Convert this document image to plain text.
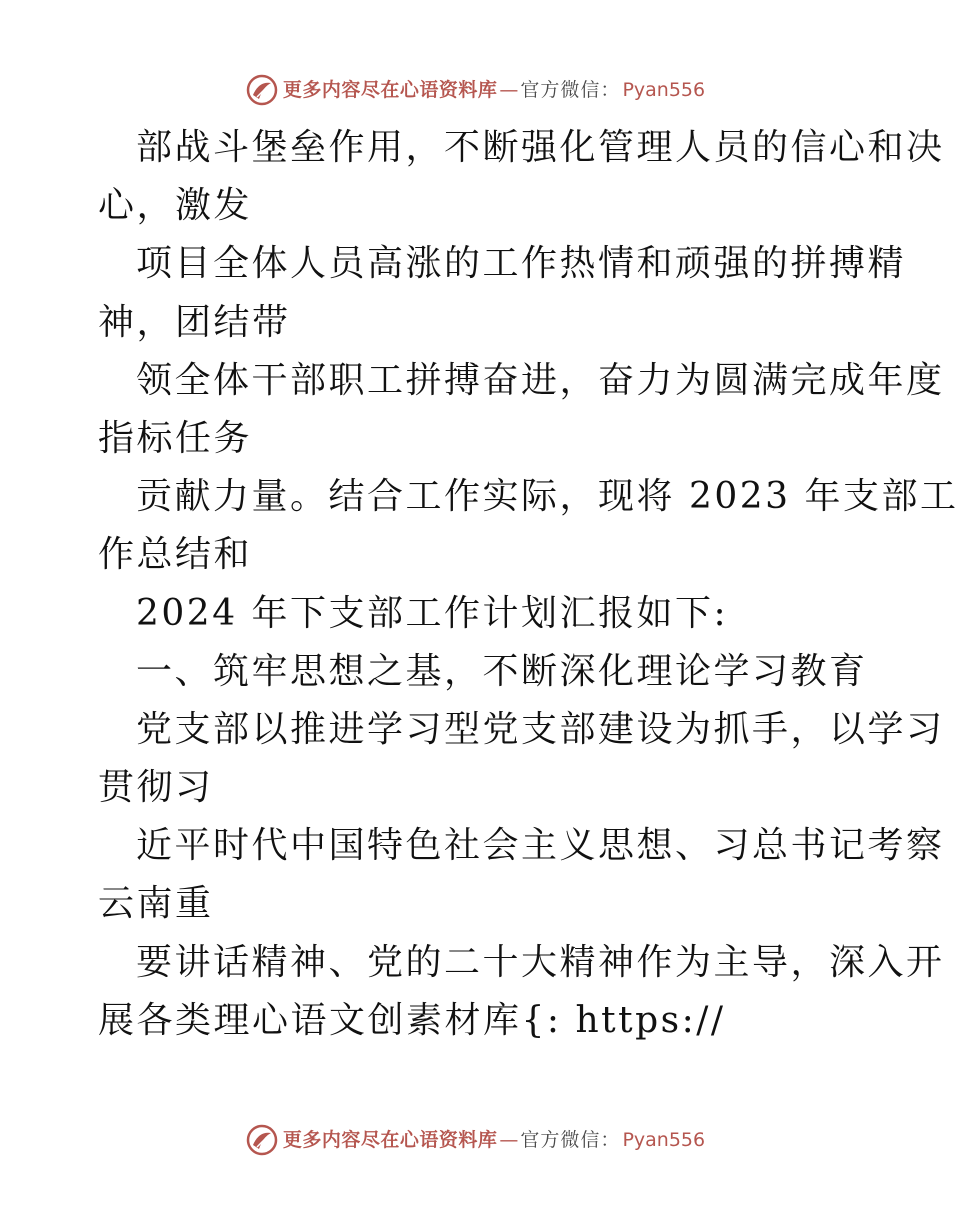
更多内容尽在心语资料库 — 官方微信： Pyan556
部战斗堡垒作用，不断强化管理人员的信心和决
心，激发
项目全体人员高涨的工作热情和顽强的拼搏精
神，团结带
领全体干部职工拼搏奋进，奋力为圆满完成年度
指标任务
贡献力量。结合工作实际，现将 2023 年支部工
作总结和
2024 年下支部工作计划汇报如下:
一、筑牢思想之基，不断深化理论学习教育
党支部以推进学习型党支部建设为抓手，以学习
贯彻习
近平时代中国特色社会主义思想、习总书记考察
云南重
要讲话精神、党的二十大精神作为主导，深入开
展各类理心语文创素材库{: https://
更多内容尽在心语资料库 — 官方微信： Pyan556
